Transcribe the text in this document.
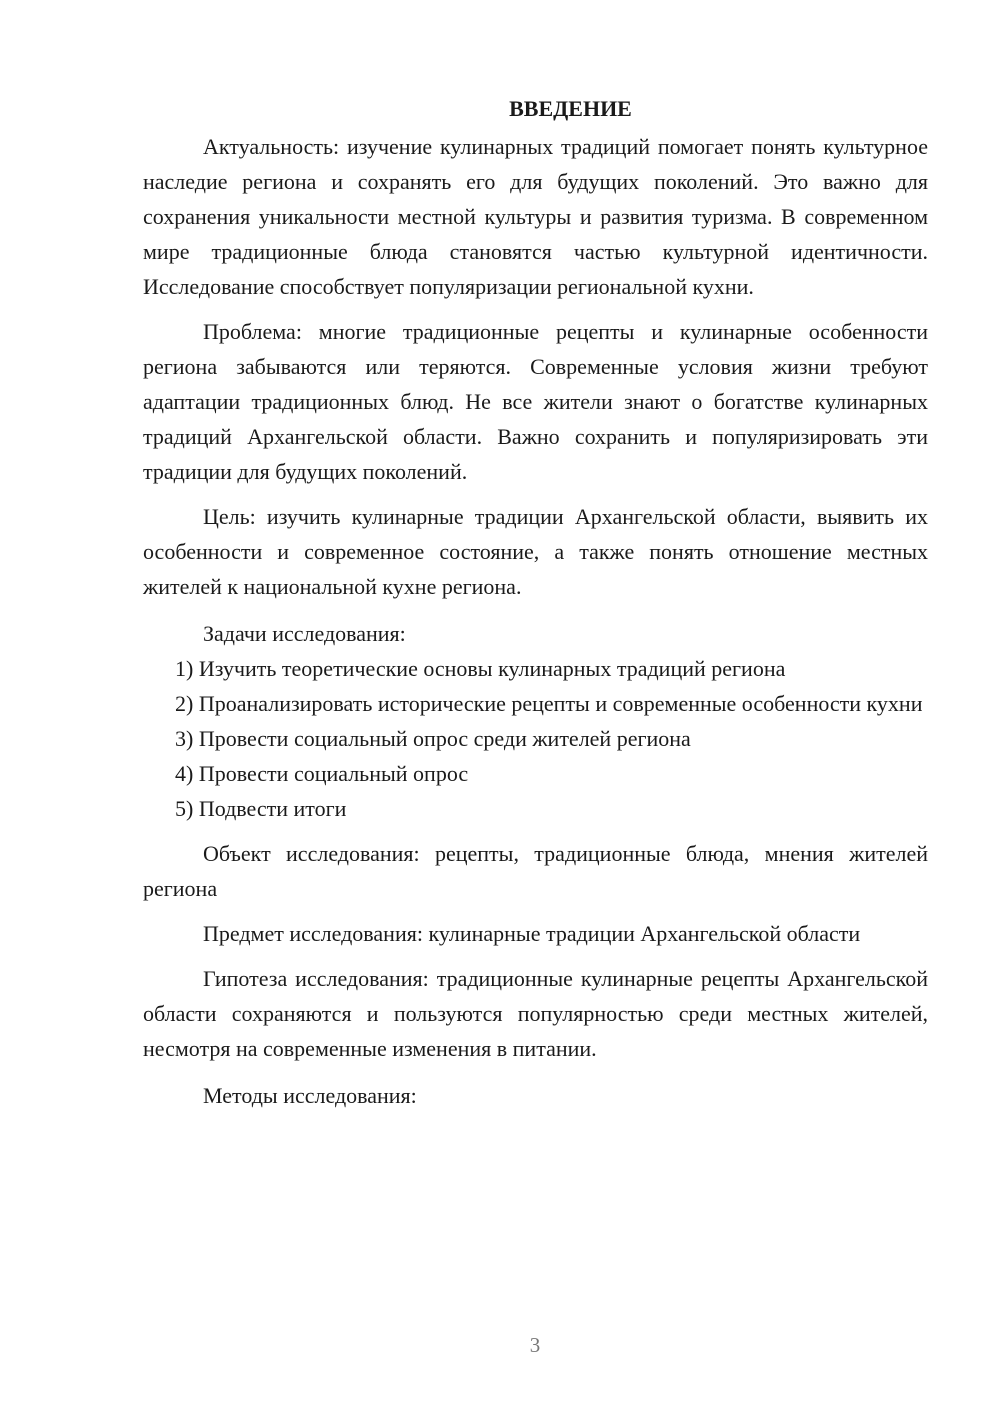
ВВЕДЕНИЕ

Актуальность: изучение кулинарных традиций помогает понять культурное наследие региона и сохранять его для будущих поколений. Это важно для сохранения уникальности местной культуры и развития туризма. В современном мире традиционные блюда становятся частью культурной идентичности. Исследование способствует популяризации региональной кухни.

Проблема: многие традиционные рецепты и кулинарные особенности региона забываются или теряются. Современные условия жизни требуют адаптации традиционных блюд. Не все жители знают о богатстве кулинарных традиций Архангельской области. Важно сохранить и популяризировать эти традиции для будущих поколений.

Цель: изучить кулинарные традиции Архангельской области, выявить их особенности и современное состояние, а также понять отношение местных жителей к национальной кухне региона.

Задачи исследования:

1) Изучить теоретические основы кулинарных традиций региона

2) Проанализировать исторические рецепты и современные особенности кухни

3) Провести социальный опрос среди жителей региона

4) Провести социальный опрос

5) Подвести итоги

Объект исследования: рецепты, традиционные блюда, мнения жителей региона

Предмет исследования: кулинарные традиции Архангельской области

Гипотеза исследования: традиционные кулинарные рецепты Архангельской области сохраняются и пользуются популярностью среди местных жителей, несмотря на современные изменения в питании.

Методы исследования:

3
